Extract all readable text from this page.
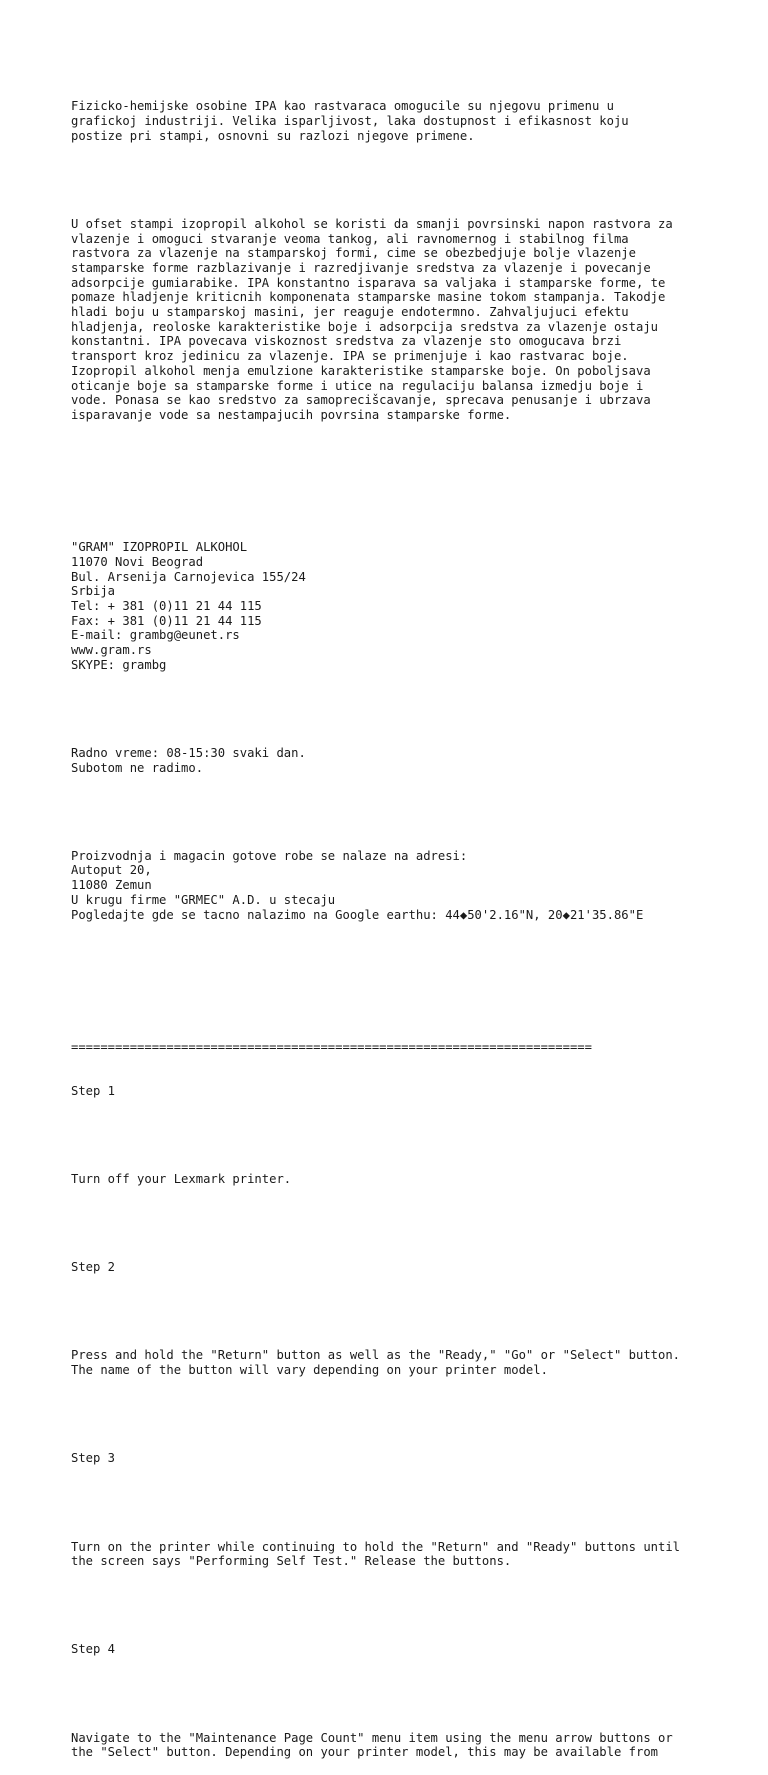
Fizicko-hemijske osobine IPA kao rastvaraca omogucile su njegovu primenu u
grafickoj industriji. Velika isparljivost, laka dostupnost i efikasnost koju
postize pri stampi, osnovni su razlozi njegove primene.

U ofset stampi izopropil alkohol se koristi da smanji povrsinski napon rastvora za
vlazenje i omoguci stvaranje veoma tankog, ali ravnomernog i stabilnog filma
rastvora za vlazenje na stamparskoj formi, cime se obezbedjuje bolje vlazenje
stamparske forme razblazivanje i razredjivanje sredstva za vlazenje i povecanje
adsorpcije gumiarabike. IPA konstantno isparava sa valjaka i stamparske forme, te
pomaze hladjenje kriticnih komponenata stamparske masine tokom stampanja. Takodje
hladi boju u stamparskoj masini, jer reaguje endotermno. Zahvaljujuci efektu
hladjenja, reoloske karakteristike boje i adsorpcija sredstva za vlazenje ostaju
konstantni. IPA povecava viskoznost sredstva za vlazenje sto omogucava brzi
transport kroz jedinicu za vlazenje. IPA se primenjuje i kao rastvarac boje.
Izopropil alkohol menja emulzione karakteristike stamparske boje. On poboljsava
oticanje boje sa stamparske forme i utice na regulaciju balansa izmedju boje i
vode. Ponasa se kao sredstvo za samoprecišcavanje, sprecava penusanje i ubrzava
isparavanje vode sa nestampajucih povrsina stamparske forme.

"GRAM" IZOPROPIL ALKOHOL
11070 Novi Beograd
Bul. Arsenija Carnojevica 155/24
Srbija
Tel: + 381 (0)11 21 44 115
Fax: + 381 (0)11 21 44 115
E-mail: grambg@eunet.rs
www.gram.rs
SKYPE: grambg

Radno vreme: 08-15:30 svaki dan.
Subotom ne radimo.

Proizvodnja i magacin gotove robe se nalaze na adresi:
Autoput 20,
11080 Zemun
U krugu firme "GRMEC" A.D. u stecaju
Pogledajte gde se tacno nalazimo na Google earthu: 44◆50'2.16"N, 20◆21'35.86"E

=======================================================================

Step 1

Turn off your Lexmark printer.

Step 2

Press and hold the "Return" button as well as the "Ready," "Go" or "Select" button.
The name of the button will vary depending on your printer model.

Step 3

Turn on the printer while continuing to hold the "Return" and "Ready" buttons until
the screen says "Performing Self Test." Release the buttons.

Step 4

Navigate to the "Maintenance Page Count" menu item using the menu arrow buttons or
the "Select" button. Depending on your printer model, this may be available from
